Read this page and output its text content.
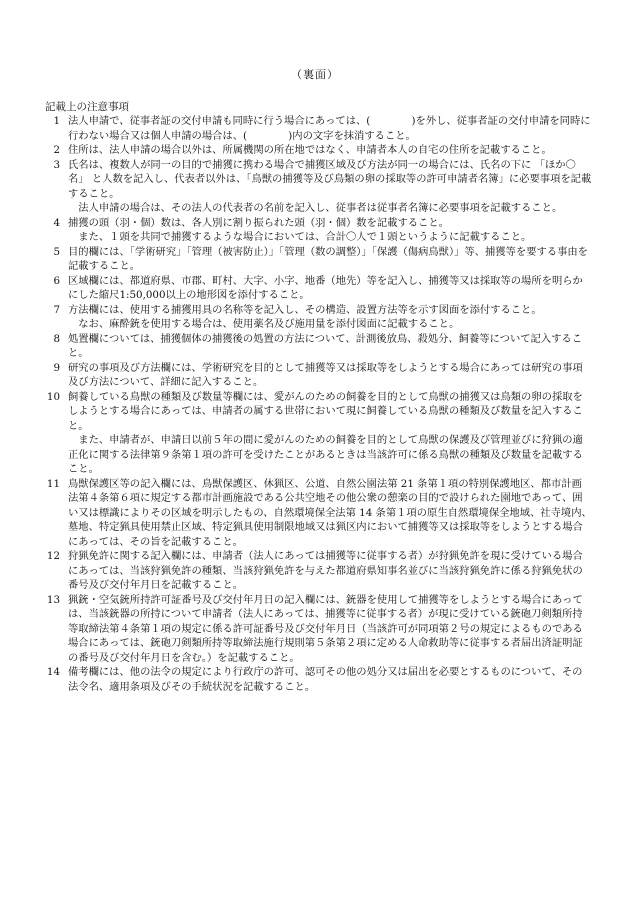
（裏面）
記載上の注意事項
1 法人申請で、従事者証の交付申請も同時に行う場合にあっては、(　　　　)を外し、従事者証の交付申請を同時に行わない場合又は個人申請の場合は、(　　　　)内の文字を抹消すること。
2 住所は、法人申請の場合以外は、所属機関の所在地ではなく、申請者本人の自宅の住所を記載すること。
3 氏名は、複数人が同一の目的で捕獲に携わる場合で捕獲区域及び方法が同一の場合には、氏名の下に 「ほか〇名」 と人数を記入し、代表者以外は、「鳥獣の捕獲等及び鳥類の卵の採取等の許可申請者名簿」に必要事項を記載すること。
法人申請の場合は、その法人の代表者の名前を記入し、従事者は従事者名簿に必要事項を記載すること。
4 捕獲の頭（羽・個）数は、各人別に割り振られた頭（羽・個）数を記載すること。
また、１頭を共同で捕獲するような場合においては、合計〇人で１頭というように記載すること。
5 目的欄には、「学術研究」「管理（被害防止）」「管理（数の調整）」「保護（傷病鳥獣）」等、捕獲等を要する事由を記載すること。
6 区域欄には、都道府県、市郡、町村、大字、小字、地番（地先）等を記入し、捕獲等又は採取等の場所を明らかにした縮尺1:50,000以上の地形図を添付すること。
7 方法欄には、使用する捕獲用具の名称等を記入し、その構造、設置方法等を示す図面を添付すること。
なお、麻酔銃を使用する場合は、使用薬名及び施用量を添付図面に記載すること。
8 処置欄については、捕獲個体の捕獲後の処置の方法について、計測後放鳥、殺処分、飼養等について記入すること。
9 研究の事項及び方法欄には、学術研究を目的として捕獲等又は採取等をしようとする場合にあっては研究の事項及び方法について、詳細に記入すること。
10 飼養している鳥獣の種類及び数量等欄には、愛がんのための飼養を目的として鳥獣の捕獲又は鳥類の卵の採取をしようとする場合にあっては、申請者の属する世帯において現に飼養している鳥獣の種類及び数量を記入すること。
また、申請者が、申請日以前５年の間に愛がんのための飼養を目的として鳥獣の保護及び管理並びに狩猟の適正化に関する法律第９条第１項の許可を受けたことがあるときは当該許可に係る鳥獣の種類及び数量を記載すること。
11 鳥獣保護区等の記入欄には、鳥獣保護区、休猟区、公道、自然公園法第 21 条第１項の特別保護地区、都市計画法第４条第６項に規定する都市計画施設である公共空地その他公衆の憩楽の目的で設けられた園地であって、囲い又は標識によりその区域を明示したもの、自然環境保全法第 14 条第１項の原生自然環境保全地域、社寺境内、墓地、特定猟具使用禁止区域、特定猟具使用制限地域又は猟区内において捕獲等又は採取等をしようとする場合にあっては、その旨を記載すること。
12 狩猟免許に関する記入欄には、申請者（法人にあっては捕獲等に従事する者）が狩猟免許を現に受けている場合にあっては、当該狩猟免許の種類、当該狩猟免許を与えた都道府県知事名並びに当該狩猟免許に係る狩猟免状の番号及び交付年月日を記載すること。
13 猟銃・空気銃所持許可証番号及び交付年月日の記入欄には、銃器を使用して捕獲等をしようとする場合にあっては、当該銃器の所持について申請者（法人にあっては、捕獲等に従事する者）が現に受けている銃砲刀剣類所持等取締法第４条第１項の規定に係る許可証番号及び交付年月日（当該許可が同項第２号の規定によるものである場合にあっては、銃砲刀剣類所持等取締法施行規則第５条第２項に定める人命救助等に従事する者届出済証明証の番号及び交付年月日を含む。）を記載すること。
14 備考欄には、他の法令の規定により行政庁の許可、認可その他の処分又は届出を必要とするものについて、その法令名、適用条項及びその手続状況を記載すること。
